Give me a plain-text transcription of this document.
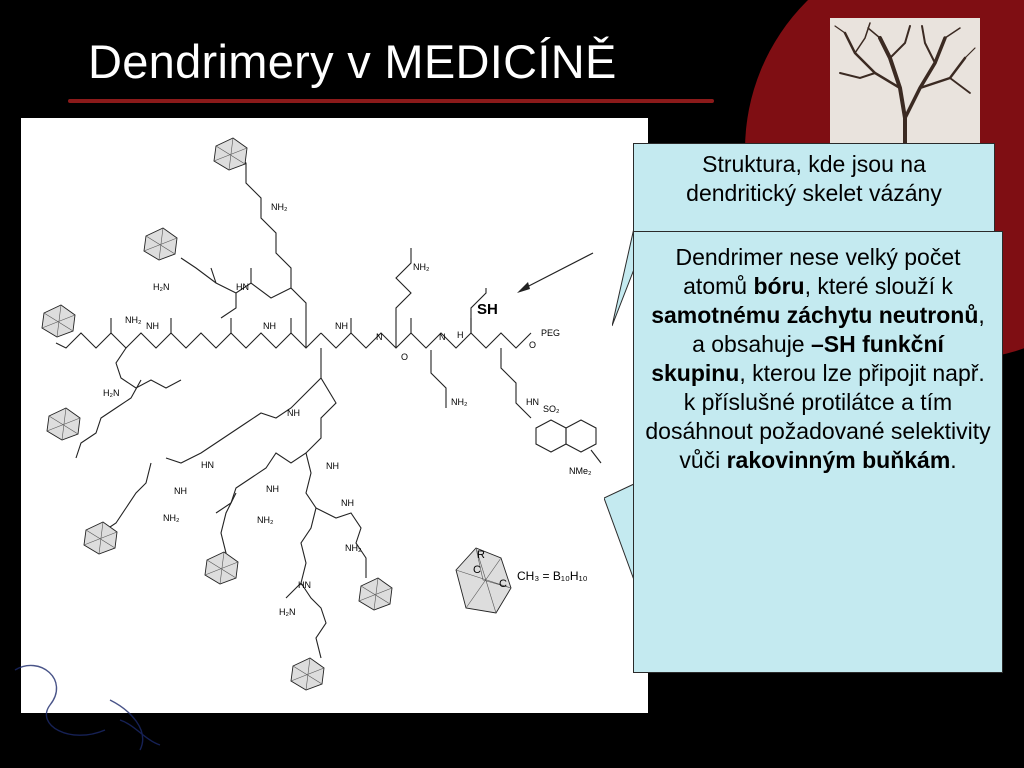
Dendrimery v MEDICÍNĚ
SH
PEG
NH₂
NH₂
NH₂
H₂N
NH₂
H₂N
NH₂	NH₂
NH₂
H₂N
NH
NH
NH
HN
NH
HN
NH
NH	NH
NH
HN
N	N H
HN
SO₂
NMe₂
O
O
R
C
C
CH₃ = B₁₀H₁₀
Struktura, kde jsou na
dendritický skelet vázány
Dendrimer nese velký počet atomů bóru, které slouží k samotnému záchytu neutronů, a obsahuje –SH funkční skupinu, kterou lze připojit např. k příslušné protilátce a tím dosáhnout požadované selektivity vůči rakovinným buňkám.
